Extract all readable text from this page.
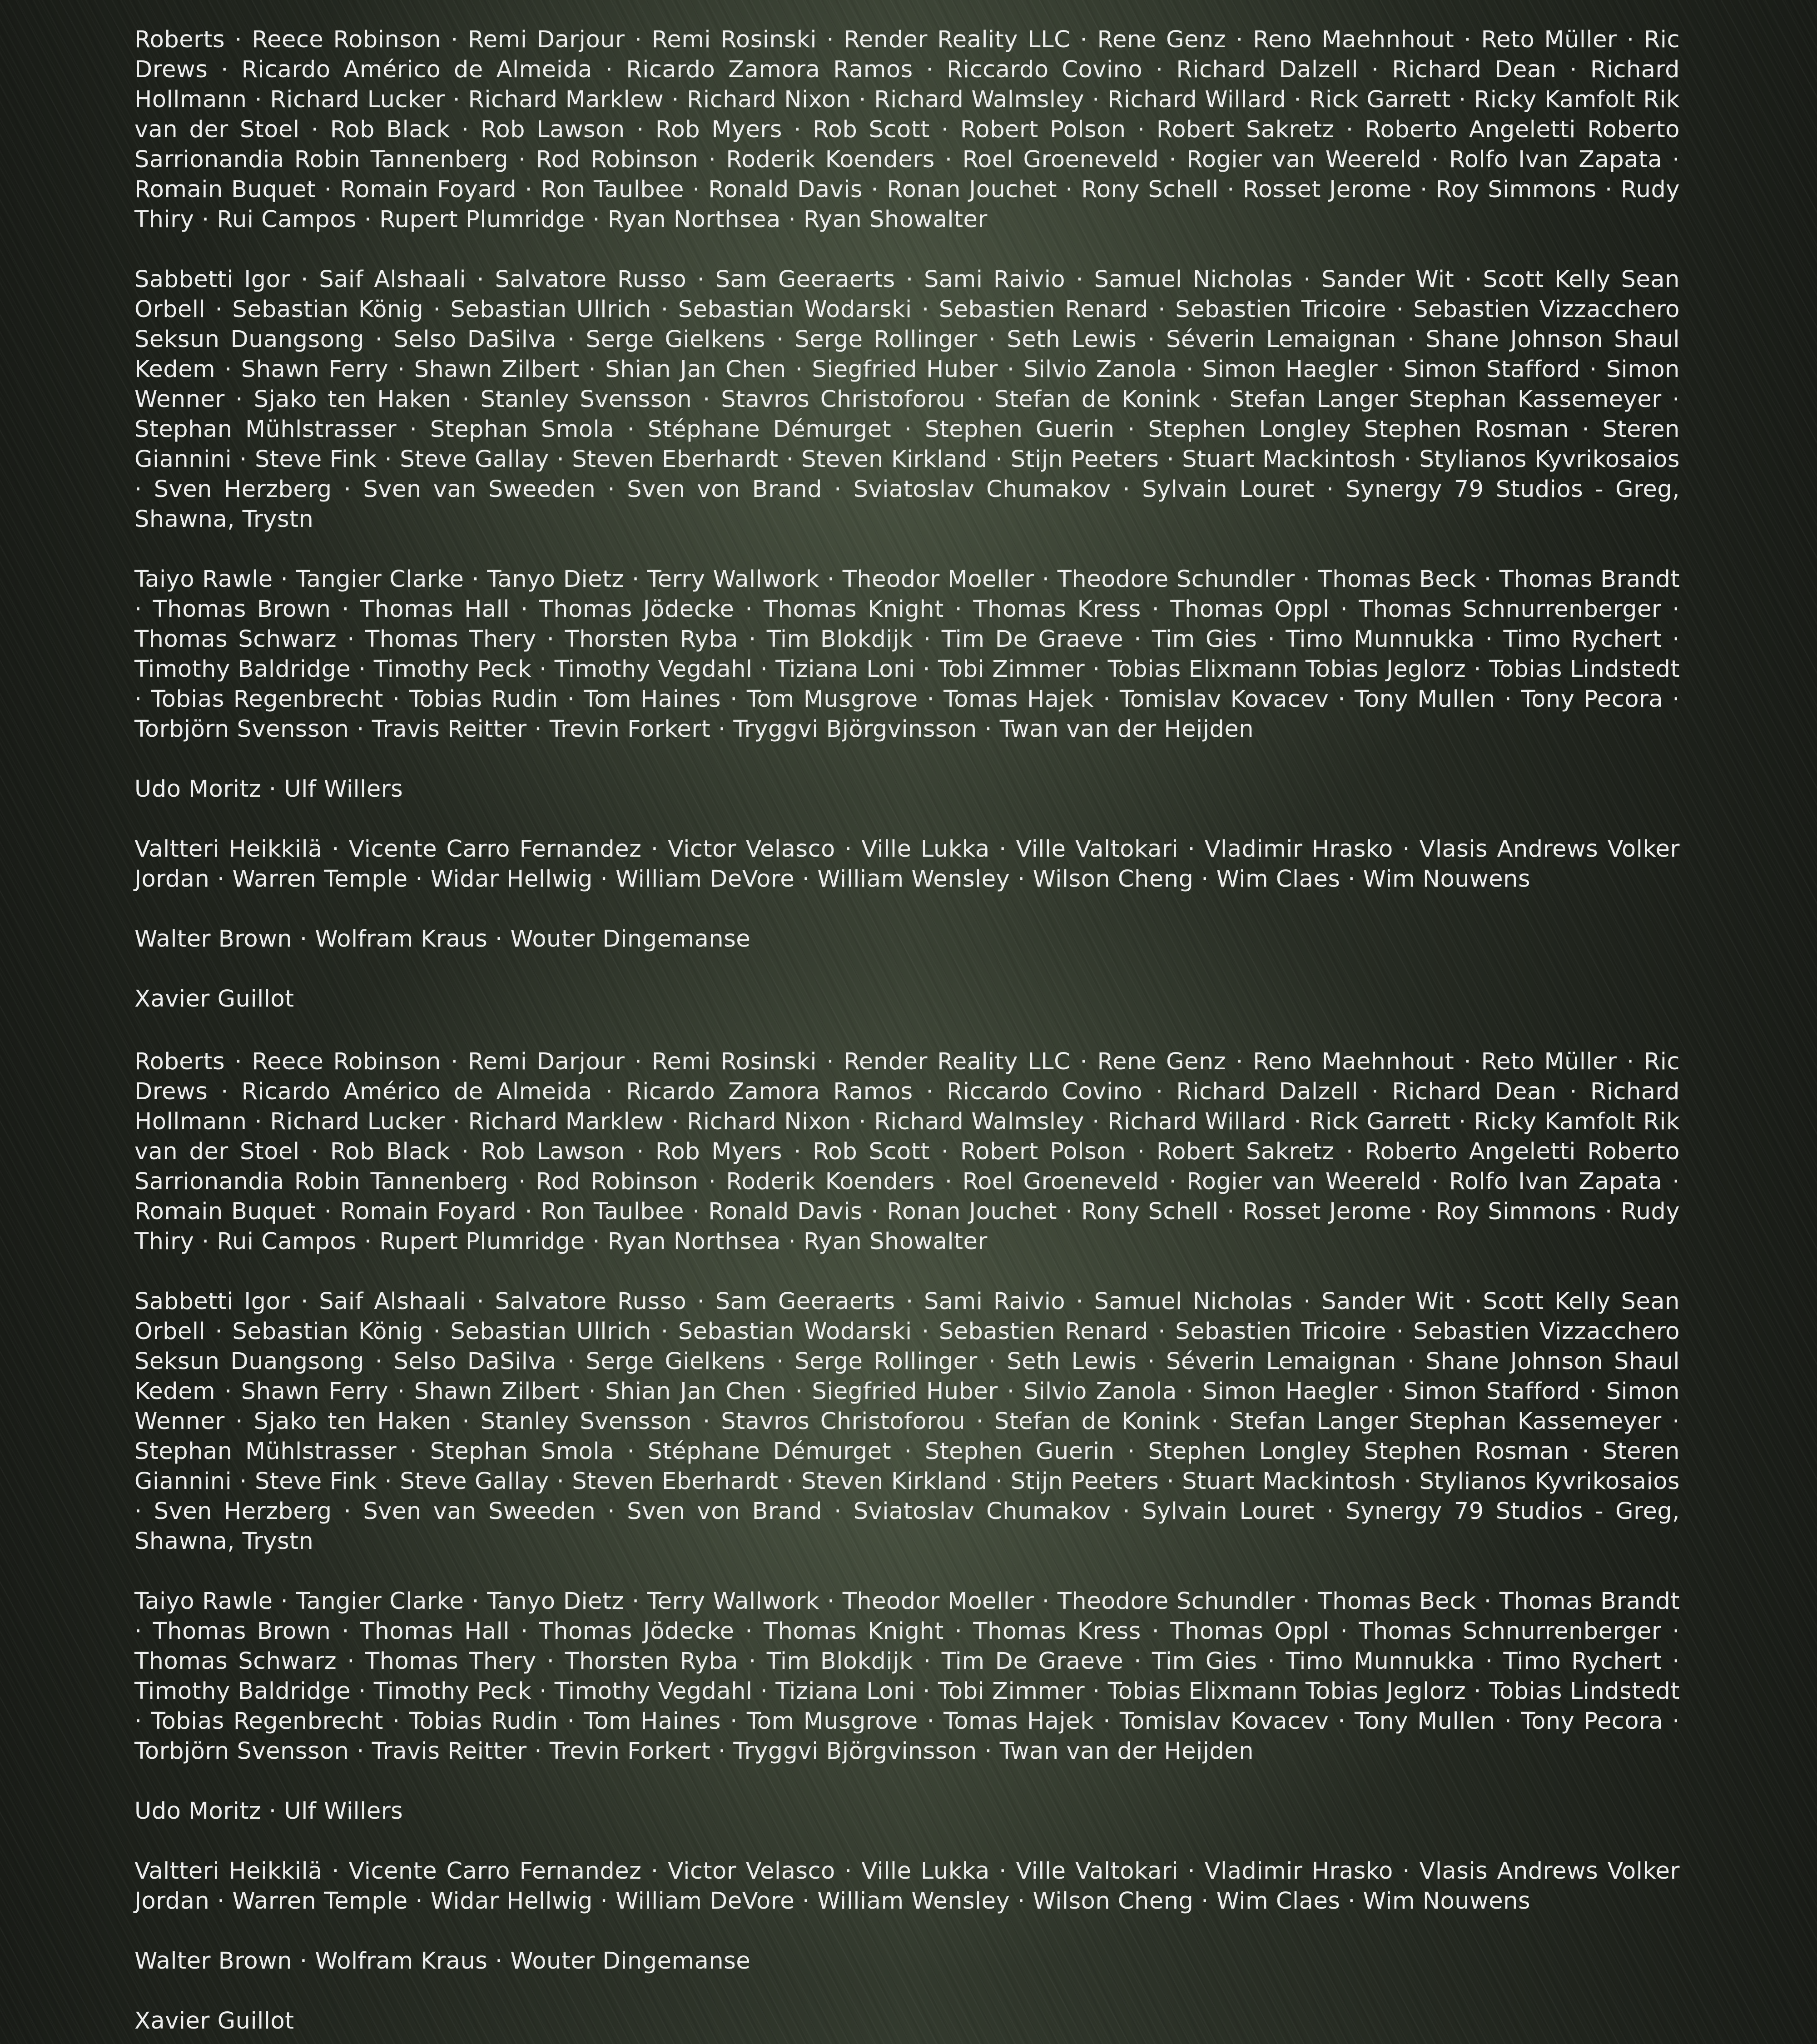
Roberts · Reece Robinson · Remi Darjour · Remi Rosinski · Render Reality LLC · Rene Genz · Reno Maehnhout · Reto Müller · Ric Drews · Ricardo Américo de Almeida · Ricardo Zamora Ramos · Riccardo Covino · Richard Dalzell · Richard Dean · Richard Hollmann · Richard Lucker · Richard Marklew · Richard Nixon · Richard Walmsley · Richard Willard · Rick Garrett · Ricky Kamfolt Rik van der Stoel · Rob Black · Rob Lawson · Rob Myers · Rob Scott · Robert Polson · Robert Sakretz · Roberto Angeletti Roberto Sarrionandia Robin Tannenberg · Rod Robinson · Roderik Koenders · Roel Groeneveld · Rogier van Weereld · Rolfo Ivan Zapata · Romain Buquet · Romain Foyard · Ron Taulbee · Ronald Davis · Ronan Jouchet · Rony Schell · Rosset Jerome · Roy Simmons · Rudy Thiry · Rui Campos · Rupert Plumridge · Ryan Northsea · Ryan Showalter

Sabbetti Igor · Saif Alshaali · Salvatore Russo · Sam Geeraerts · Sami Raivio · Samuel Nicholas · Sander Wit · Scott Kelly Sean Orbell · Sebastian König · Sebastian Ullrich · Sebastian Wodarski · Sebastien Renard · Sebastien Tricoire · Sebastien Vizzacchero Seksun Duangsong · Selso DaSilva · Serge Gielkens · Serge Rollinger · Seth Lewis · Séverin Lemaignan · Shane Johnson Shaul Kedem · Shawn Ferry · Shawn Zilbert · Shian Jan Chen · Siegfried Huber · Silvio Zanola · Simon Haegler · Simon Stafford · Simon Wenner · Sjako ten Haken · Stanley Svensson · Stavros Christoforou · Stefan de Konink · Stefan Langer Stephan Kassemeyer · Stephan Mühlstrasser · Stephan Smola · Stéphane Démurget · Stephen Guerin · Stephen Longley Stephen Rosman · Steren Giannini · Steve Fink · Steve Gallay · Steven Eberhardt · Steven Kirkland · Stijn Peeters · Stuart Mackintosh · Stylianos Kyvrikosaios · Sven Herzberg · Sven van Sweeden · Sven von Brand · Sviatoslav Chumakov · Sylvain Louret · Synergy 79 Studios - Greg, Shawna, Trystn

Taiyo Rawle · Tangier Clarke · Tanyo Dietz · Terry Wallwork · Theodor Moeller · Theodore Schundler · Thomas Beck · Thomas Brandt · Thomas Brown · Thomas Hall · Thomas Jödecke · Thomas Knight · Thomas Kress · Thomas Oppl · Thomas Schnurrenberger · Thomas Schwarz · Thomas Thery · Thorsten Ryba · Tim Blokdijk · Tim De Graeve · Tim Gies · Timo Munnukka · Timo Rychert · Timothy Baldridge · Timothy Peck · Timothy Vegdahl · Tiziana Loni · Tobi Zimmer · Tobias Elixmann Tobias Jeglorz · Tobias Lindstedt · Tobias Regenbrecht · Tobias Rudin · Tom Haines · Tom Musgrove · Tomas Hajek · Tomislav Kovacev · Tony Mullen · Tony Pecora · Torbjörn Svensson · Travis Reitter · Trevin Forkert · Tryggvi Björgvinsson · Twan van der Heijden

Udo Moritz · Ulf Willers

Valtteri Heikkilä · Vicente Carro Fernandez · Victor Velasco · Ville Lukka · Ville Valtokari · Vladimir Hrasko · Vlasis Andrews Volker Jordan · Warren Temple · Widar Hellwig · William DeVore · William Wensley · Wilson Cheng · Wim Claes · Wim Nouwens

Walter Brown · Wolfram Kraus · Wouter Dingemanse

Xavier Guillot

Roberts · Reece Robinson · Remi Darjour · Remi Rosinski · Render Reality LLC · Rene Genz · Reno Maehnhout · Reto Müller · Ric Drews · Ricardo Américo de Almeida · Ricardo Zamora Ramos · Riccardo Covino · Richard Dalzell · Richard Dean · Richard Hollmann · Richard Lucker · Richard Marklew · Richard Nixon · Richard Walmsley · Richard Willard · Rick Garrett · Ricky Kamfolt Rik van der Stoel · Rob Black · Rob Lawson · Rob Myers · Rob Scott · Robert Polson · Robert Sakretz · Roberto Angeletti Roberto Sarrionandia Robin Tannenberg · Rod Robinson · Roderik Koenders · Roel Groeneveld · Rogier van Weereld · Rolfo Ivan Zapata · Romain Buquet · Romain Foyard · Ron Taulbee · Ronald Davis · Ronan Jouchet · Rony Schell · Rosset Jerome · Roy Simmons · Rudy Thiry · Rui Campos · Rupert Plumridge · Ryan Northsea · Ryan Showalter

Sabbetti Igor · Saif Alshaali · Salvatore Russo · Sam Geeraerts · Sami Raivio · Samuel Nicholas · Sander Wit · Scott Kelly Sean Orbell · Sebastian König · Sebastian Ullrich · Sebastian Wodarski · Sebastien Renard · Sebastien Tricoire · Sebastien Vizzacchero Seksun Duangsong · Selso DaSilva · Serge Gielkens · Serge Rollinger · Seth Lewis · Séverin Lemaignan · Shane Johnson Shaul Kedem · Shawn Ferry · Shawn Zilbert · Shian Jan Chen · Siegfried Huber · Silvio Zanola · Simon Haegler · Simon Stafford · Simon Wenner · Sjako ten Haken · Stanley Svensson · Stavros Christoforou · Stefan de Konink · Stefan Langer Stephan Kassemeyer · Stephan Mühlstrasser · Stephan Smola · Stéphane Démurget · Stephen Guerin · Stephen Longley Stephen Rosman · Steren Giannini · Steve Fink · Steve Gallay · Steven Eberhardt · Steven Kirkland · Stijn Peeters · Stuart Mackintosh · Stylianos Kyvrikosaios · Sven Herzberg · Sven van Sweeden · Sven von Brand · Sviatoslav Chumakov · Sylvain Louret · Synergy 79 Studios - Greg, Shawna, Trystn

Taiyo Rawle · Tangier Clarke · Tanyo Dietz · Terry Wallwork · Theodor Moeller · Theodore Schundler · Thomas Beck · Thomas Brandt · Thomas Brown · Thomas Hall · Thomas Jödecke · Thomas Knight · Thomas Kress · Thomas Oppl · Thomas Schnurrenberger · Thomas Schwarz · Thomas Thery · Thorsten Ryba · Tim Blokdijk · Tim De Graeve · Tim Gies · Timo Munnukka · Timo Rychert · Timothy Baldridge · Timothy Peck · Timothy Vegdahl · Tiziana Loni · Tobi Zimmer · Tobias Elixmann Tobias Jeglorz · Tobias Lindstedt · Tobias Regenbrecht · Tobias Rudin · Tom Haines · Tom Musgrove · Tomas Hajek · Tomislav Kovacev · Tony Mullen · Tony Pecora · Torbjörn Svensson · Travis Reitter · Trevin Forkert · Tryggvi Björgvinsson · Twan van der Heijden

Udo Moritz · Ulf Willers

Valtteri Heikkilä · Vicente Carro Fernandez · Victor Velasco · Ville Lukka · Ville Valtokari · Vladimir Hrasko · Vlasis Andrews Volker Jordan · Warren Temple · Widar Hellwig · William DeVore · William Wensley · Wilson Cheng · Wim Claes · Wim Nouwens

Walter Brown · Wolfram Kraus · Wouter Dingemanse

Xavier Guillot
